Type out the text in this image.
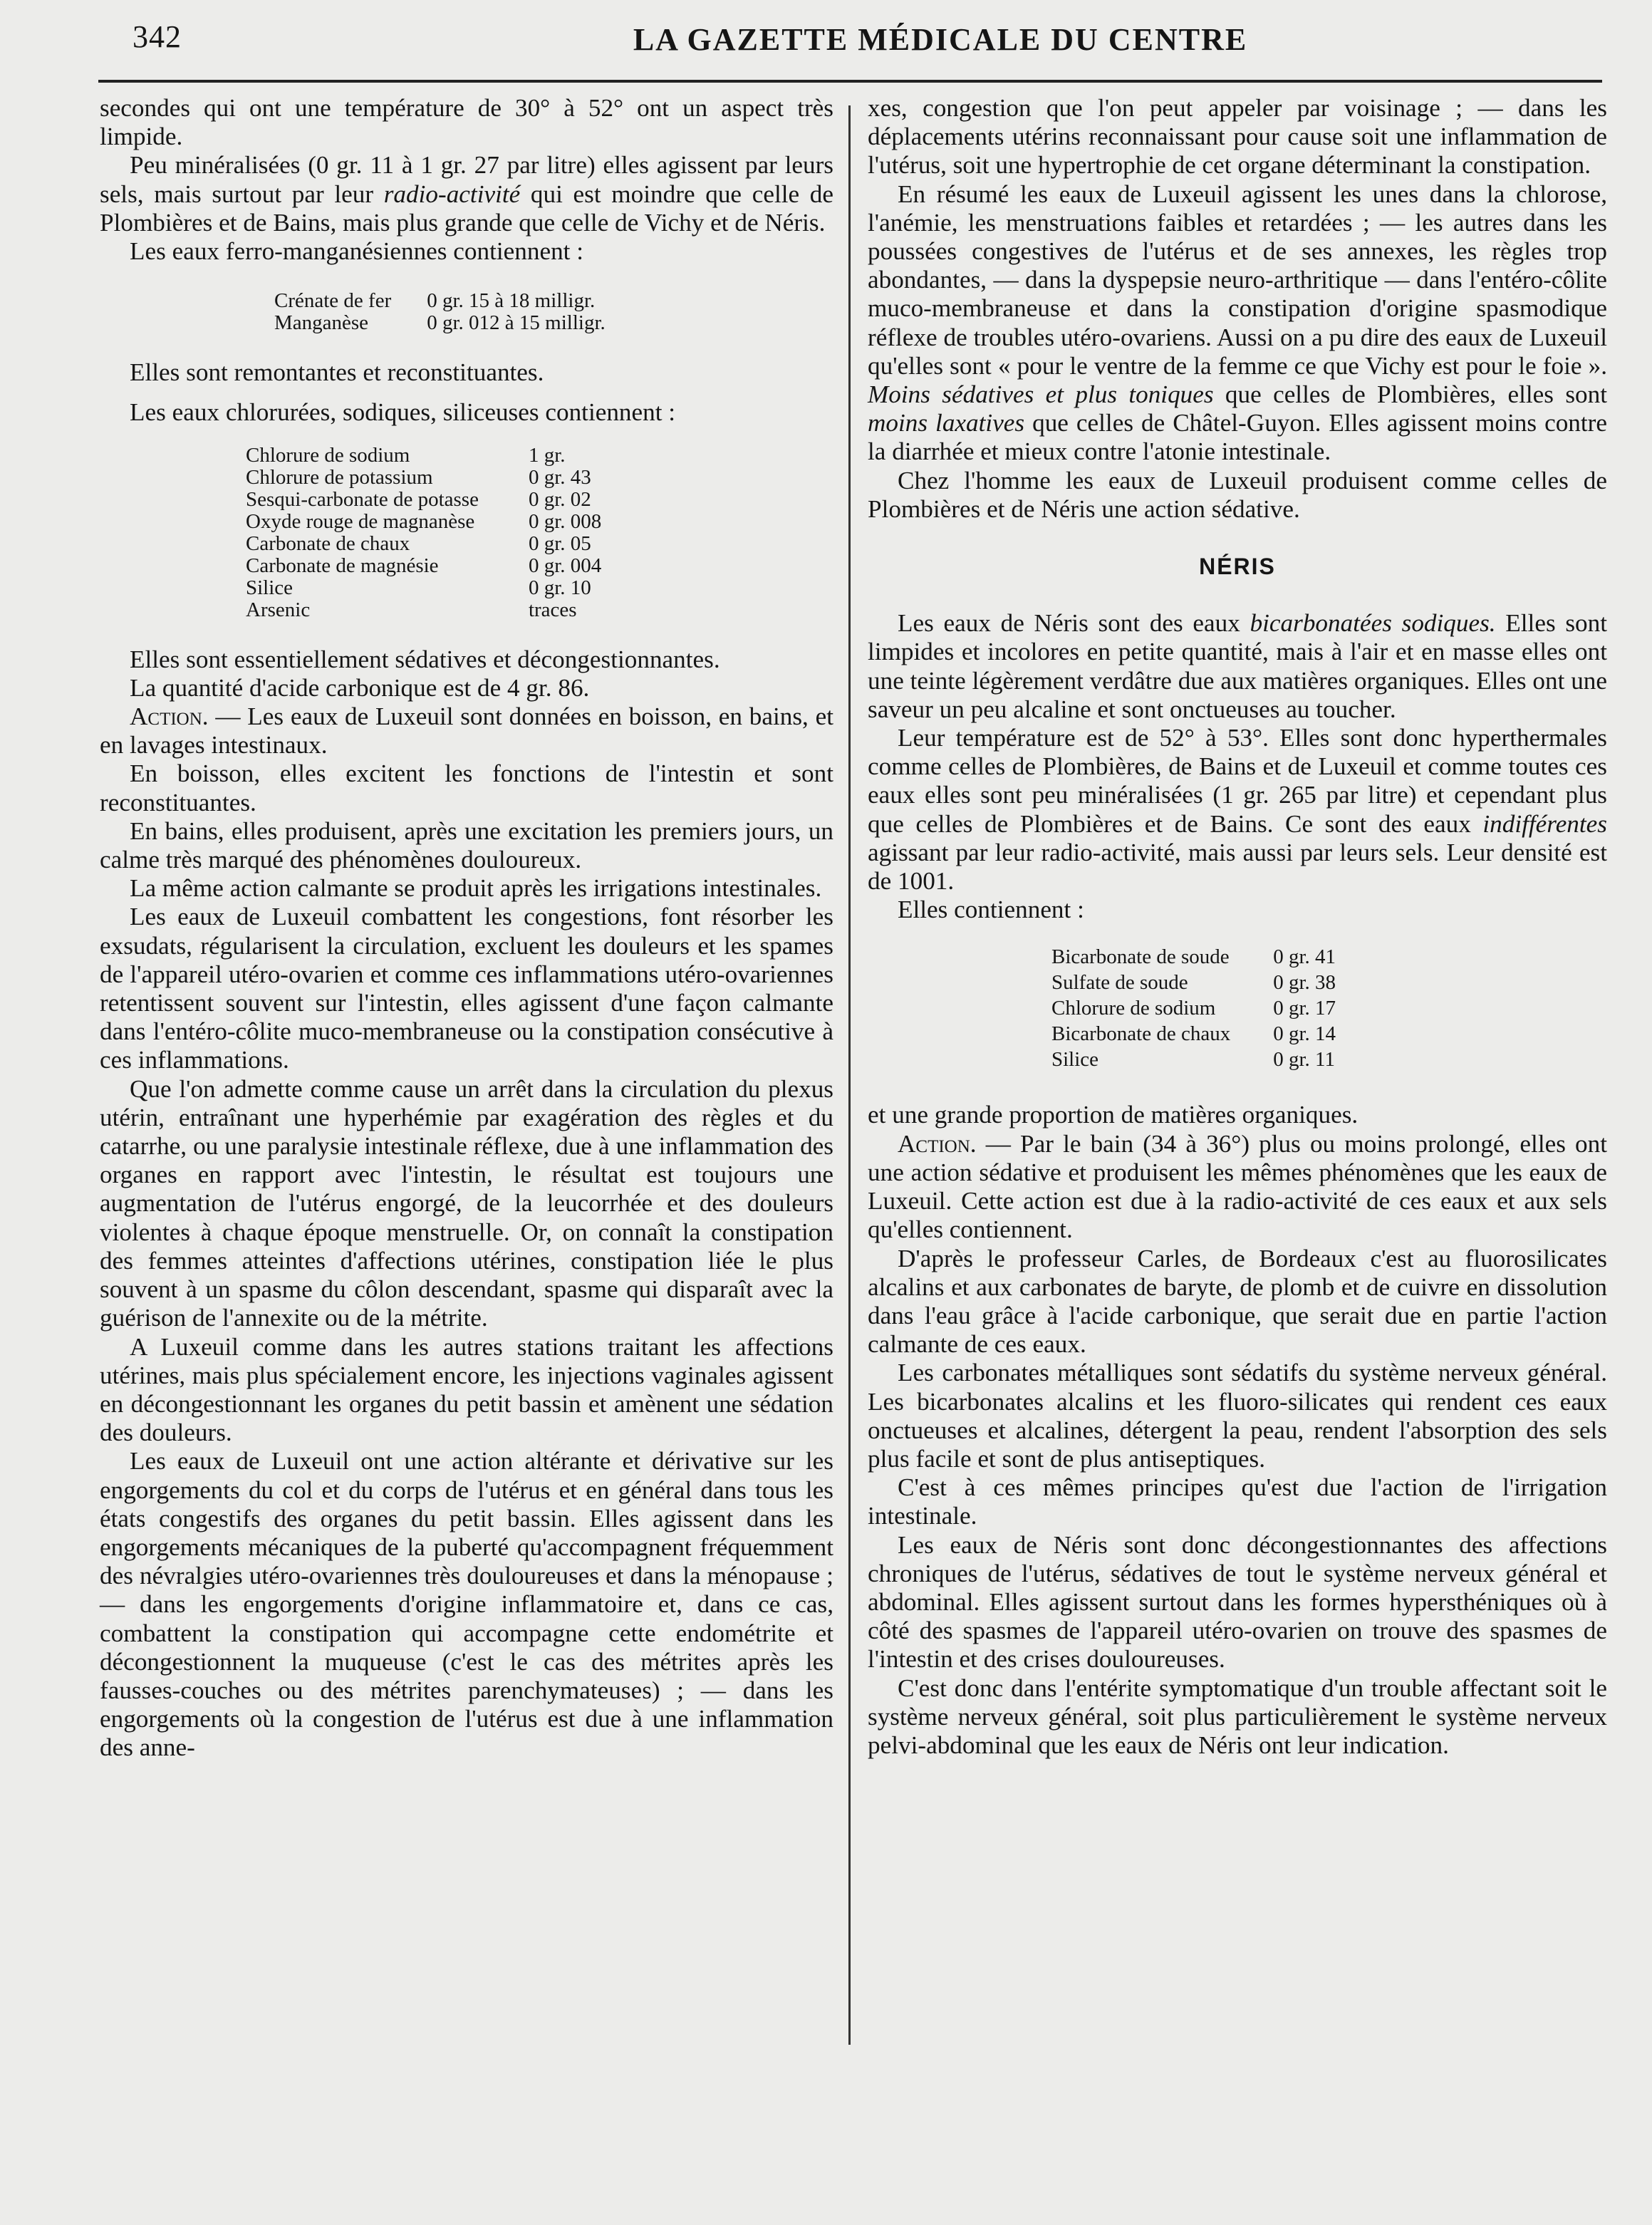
342	LA GAZETTE MÉDICALE DU CENTRE

secondes qui ont une température de 30° à 52° ont un aspect très limpide.

Peu minéralisées (0 gr. 11 à 1 gr. 27 par litre) elles agissent par leurs sels, mais surtout par leur radio-activité qui est moindre que celle de Plombières et de Bains, mais plus grande que celle de Vichy et de Néris.

Les eaux ferro-manganésiennes contiennent :

Crénate de fer	0 gr. 15 à 18 milligr.
Manganèse	0 gr. 012 à 15 milligr.

Elles sont remontantes et reconstituantes.

Les eaux chlorurées, sodiques, siliceuses contiennent :

Chlorure de sodium	1 gr.
Chlorure de potassium	0 gr. 43
Sesqui-carbonate de potasse	0 gr. 02
Oxyde rouge de magnanèse	0 gr. 008
Carbonate de chaux	0 gr. 05
Carbonate de magnésie	0 gr. 004
Silice	0 gr. 10
Arsenic	traces

Elles sont essentiellement sédatives et décongestionnantes.

La quantité d'acide carbonique est de 4 gr. 86.

Action. — Les eaux de Luxeuil sont données en boisson, en bains, et en lavages intestinaux.

En boisson, elles excitent les fonctions de l'intestin et sont reconstituantes.

En bains, elles produisent, après une excitation les premiers jours, un calme très marqué des phénomènes douloureux.

La même action calmante se produit après les irrigations intestinales.

Les eaux de Luxeuil combattent les congestions, font résorber les exsudats, régularisent la circulation, excluent les douleurs et les spames de l'appareil utéro-ovarien et comme ces inflammations utéro-ovariennes retentissent souvent sur l'intestin, elles agissent d'une façon calmante dans l'entéro-côlite muco-membraneuse ou la constipation consécutive à ces inflammations.

Que l'on admette comme cause un arrêt dans la circulation du plexus utérin, entraînant une hyperhémie par exagération des règles et du catarrhe, ou une paralysie intestinale réflexe, due à une inflammation des organes en rapport avec l'intestin, le résultat est toujours une augmentation de l'utérus engorgé, de la leucorrhée et des douleurs violentes à chaque époque menstruelle. Or, on connaît la constipation des femmes atteintes d'affections utérines, constipation liée le plus souvent à un spasme du côlon descendant, spasme qui disparaît avec la guérison de l'annexite ou de la métrite.

A Luxeuil comme dans les autres stations traitant les affections utérines, mais plus spécialement encore, les injections vaginales agissent en décongestionnant les organes du petit bassin et amènent une sédation des douleurs.

Les eaux de Luxeuil ont une action altérante et dérivative sur les engorgements du col et du corps de l'utérus et en général dans tous les états congestifs des organes du petit bassin. Elles agissent dans les engorgements mécaniques de la puberté qu'accompagnent fréquemment des névralgies utéro-ovariennes très douloureuses et dans la ménopause ; — dans les engorgements d'origine inflammatoire et, dans ce cas, combattent la constipation qui accompagne cette endométrite et décongestionnent la muqueuse (c'est le cas des métrites après les fausses-couches ou des métrites parenchymateuses) ; — dans les engorgements où la congestion de l'utérus est due à une inflammation des anne-

xes, congestion que l'on peut appeler par voisinage ; — dans les déplacements utérins reconnaissant pour cause soit une inflammation de l'utérus, soit une hypertrophie de cet organe déterminant la constipation.

En résumé les eaux de Luxeuil agissent les unes dans la chlorose, l'anémie, les menstruations faibles et retardées ; — les autres dans les poussées congestives de l'utérus et de ses annexes, les règles trop abondantes, — dans la dyspepsie neuro-arthritique — dans l'entéro-côlite muco-membraneuse et dans la constipation d'origine spasmodique réflexe de troubles utéro-ovariens. Aussi on a pu dire des eaux de Luxeuil qu'elles sont « pour le ventre de la femme ce que Vichy est pour le foie ». Moins sédatives et plus toniques que celles de Plombières, elles sont moins laxatives que celles de Châtel-Guyon. Elles agissent moins contre la diarrhée et mieux contre l'atonie intestinale.

Chez l'homme les eaux de Luxeuil produisent comme celles de Plombières et de Néris une action sédative.

NÉRIS

Les eaux de Néris sont des eaux bicarbonatées sodiques. Elles sont limpides et incolores en petite quantité, mais à l'air et en masse elles ont une teinte légèrement verdâtre due aux matières organiques. Elles ont une saveur un peu alcaline et sont onctueuses au toucher.

Leur température est de 52° à 53°. Elles sont donc hyperthermales comme celles de Plombières, de Bains et de Luxeuil et comme toutes ces eaux elles sont peu minéralisées (1 gr. 265 par litre) et cependant plus que celles de Plombières et de Bains. Ce sont des eaux indifférentes agissant par leur radio-activité, mais aussi par leurs sels. Leur densité est de 1001.

Elles contiennent :

Bicarbonate de soude	0 gr. 41
Sulfate de soude	0 gr. 38
Chlorure de sodium	0 gr. 17
Bicarbonate de chaux	0 gr. 14
Silice	0 gr. 11

et une grande proportion de matières organiques.

Action. — Par le bain (34 à 36°) plus ou moins prolongé, elles ont une action sédative et produisent les mêmes phénomènes que les eaux de Luxeuil. Cette action est due à la radio-activité de ces eaux et aux sels qu'elles contiennent.

D'après le professeur Carles, de Bordeaux c'est au fluorosilicates alcalins et aux carbonates de baryte, de plomb et de cuivre en dissolution dans l'eau grâce à l'acide carbonique, que serait due en partie l'action calmante de ces eaux.

Les carbonates métalliques sont sédatifs du système nerveux général. Les bicarbonates alcalins et les fluoro-silicates qui rendent ces eaux onctueuses et alcalines, détergent la peau, rendent l'absorption des sels plus facile et sont de plus antiseptiques.

C'est à ces mêmes principes qu'est due l'action de l'irrigation intestinale.

Les eaux de Néris sont donc décongestionnantes des affections chroniques de l'utérus, sédatives de tout le système nerveux général et abdominal. Elles agissent surtout dans les formes hypersthéniques où à côté des spasmes de l'appareil utéro-ovarien on trouve des spasmes de l'intestin et des crises douloureuses.

C'est donc dans l'entérite symptomatique d'un trouble affectant soit le système nerveux général, soit plus particulièrement le système nerveux pelvi-abdominal que les eaux de Néris ont leur indication.
